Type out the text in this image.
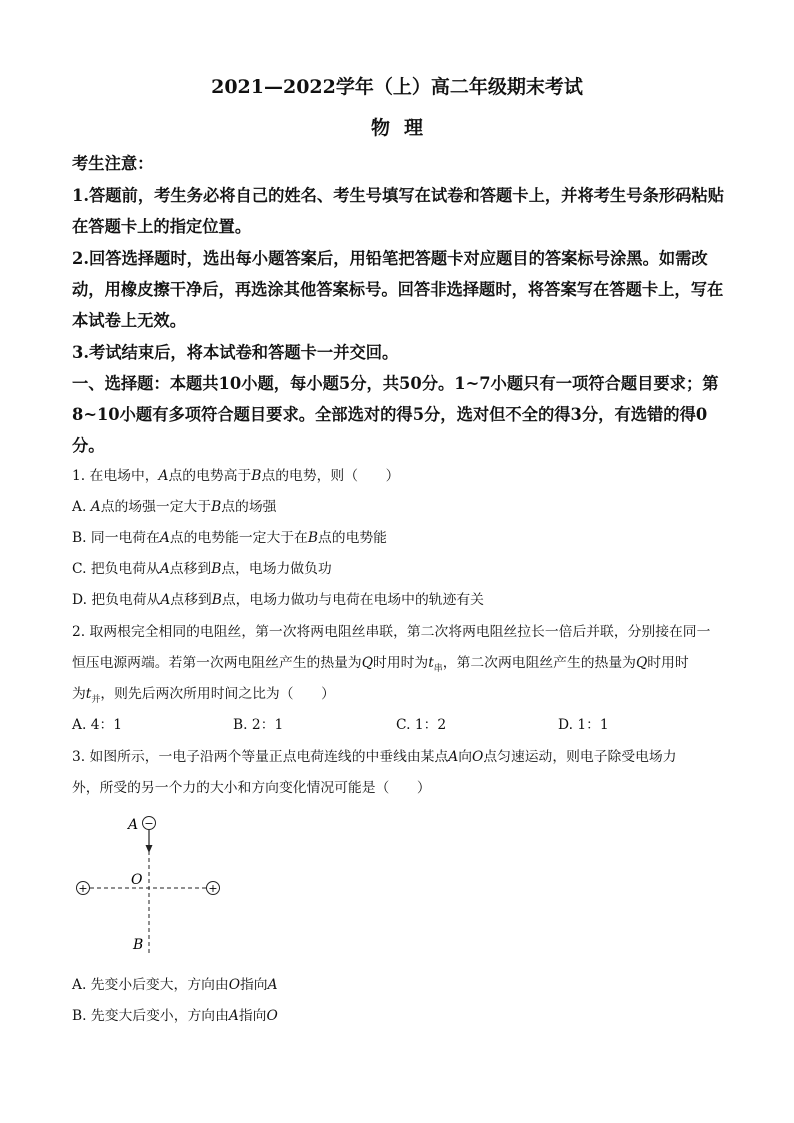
2021—2022学年（上）高二年级期末考试
物理
考生注意：
1.答题前，考生务必将自己的姓名、考生号填写在试卷和答题卡上，并将考生号条形码粘贴
在答题卡上的指定位置。
2.回答选择题时，选出每小题答案后，用铅笔把答题卡对应题目的答案标号涂黑。如需改
动，用橡皮擦干净后，再选涂其他答案标号。回答非选择题时，将答案写在答题卡上，写在
本试卷上无效。
3.考试结束后，将本试卷和答题卡一并交回。
一、选择题：本题共10小题，每小题5分，共50分。1~7小题只有一项符合题目要求；第
8~10小题有多项符合题目要求。全部选对的得5分，选对但不全的得3分，有选错的得0
分。
1. 在电场中，A点的电势高于B点的电势，则（　　）
A. A点的场强一定大于B点的场强
B. 同一电荷在A点的电势能一定大于在B点的电势能
C. 把负电荷从A点移到B点，电场力做负功
D. 把负电荷从A点移到B点，电场力做功与电荷在电场中的轨迹有关
2. 取两根完全相同的电阻丝，第一次将两电阻丝串联，第二次将两电阻丝拉长一倍后并联，分别接在同一
恒压电源两端。若第一次两电阻丝产生的热量为Q时用时为$t_串$，第二次两电阻丝产生的热量为Q时用时
为$t_并$，则先后两次所用时间之比为（　　）
A. 4：1	B. 2：1	C. 1：2	D. 1：1
3. 如图所示，一电子沿两个等量正点电荷连线的中垂线由某点A向O点匀速运动，则电子除受电场力
外，所受的另一个力的大小和方向变化情况可能是（　　）
−
+	+
A
O
B
A. 先变小后变大，方向由O指向A
B. 先变大后变小，方向由A指向O
